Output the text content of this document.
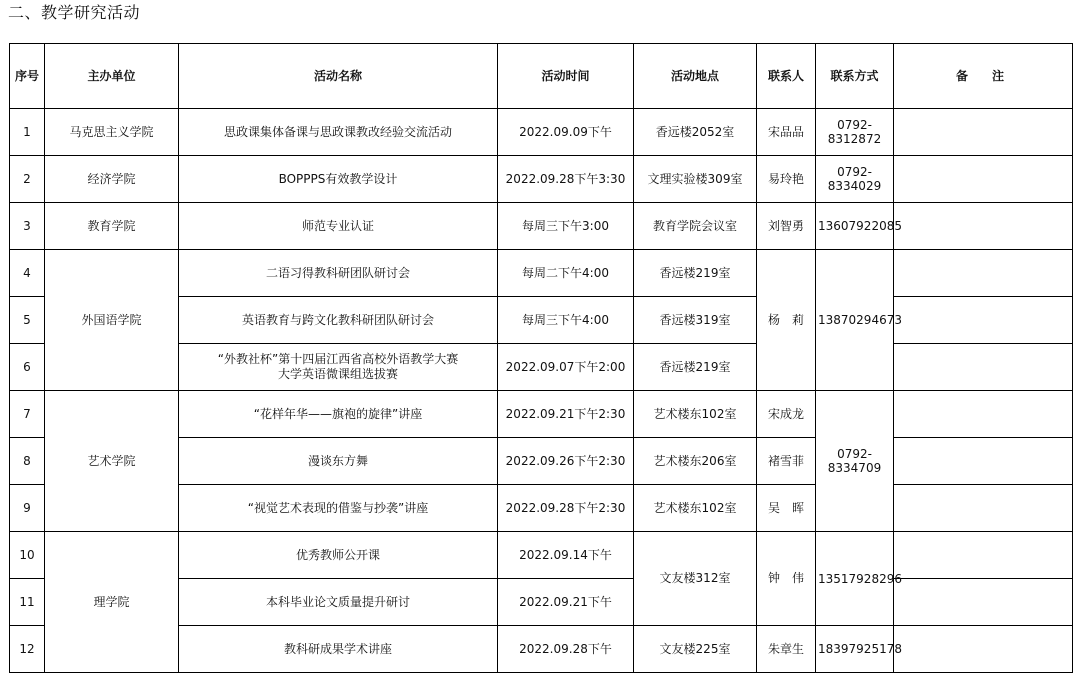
二、教学研究活动
序号	主办单位	活动名称	活动时间	活动地点	联系人	联系方式	备　注
1	马克思主义学院	思政课集体备课与思政课教改经验交流活动	2022.09.09下午	香远楼2052室	宋品品	0792-
8312872	
2	经济学院	BOPPPS有效教学设计	2022.09.28下午3:30	文理实验楼309室	易玲艳	0792-
8334029	
3	教育学院	师范专业认证	每周三下午3:00	教育学院会议室	刘智勇	13607922085	
4	外国语学院	二语习得教科研团队研讨会	每周二下午4:00	香远楼219室	杨　莉	13870294673	
5		英语教育与跨文化教科研团队研讨会	每周三下午4:00	香远楼319室			
6		“外教社杯”第十四届江西省高校外语教学大赛
大学英语微课组选拔赛	2022.09.07下午2:00	香远楼219室			
7	艺术学院	“花样年华——旗袍的旋律”讲座	2022.09.21下午2:30	艺术楼东102室	宋成龙	0792-
8334709	
8		漫谈东方舞	2022.09.26下午2:30	艺术楼东206室	褚雪菲		
9		“视觉艺术表现的借鉴与抄袭”讲座	2022.09.28下午2:30	艺术楼东102室	吴　晖		
10	理学院	优秀教师公开课	2022.09.14下午	文友楼312室	钟　伟	13517928296	
11		本科毕业论文质量提升研讨	2022.09.21下午				
12		教科研成果学术讲座	2022.09.28下午	文友楼225室	朱章生	18397925178	
